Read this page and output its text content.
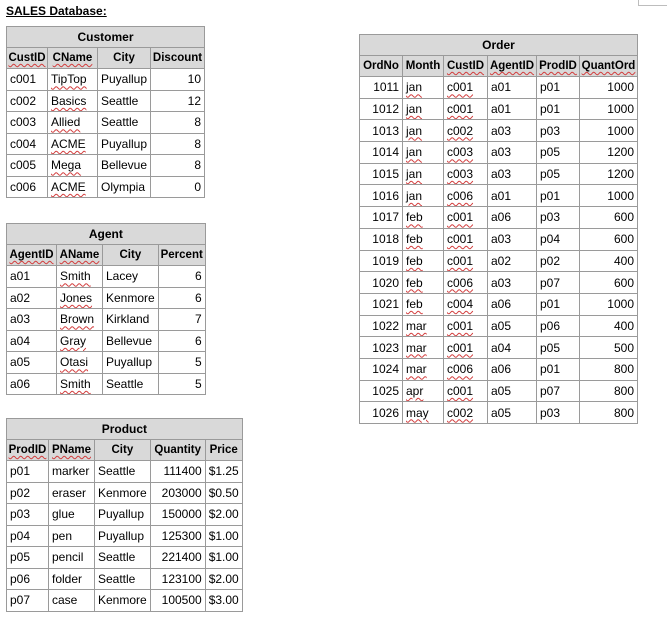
SALES Database:
Customer			
CustID	CName	City	Discount
c001	TipTop	Puyallup	10
c002	Basics	Seattle	12
c003	Allied	Seattle	8
c004	ACME	Puyallup	8
c005	Mega	Bellevue	8
c006	ACME	Olympia	0
Agent			
AgentID	AName	City	Percent
a01	Smith	Lacey	6
a02	Jones	Kenmore	6
a03	Brown	Kirkland	7
a04	Gray	Bellevue	6
a05	Otasi	Puyallup	5
a06	Smith	Seattle	5
Product				
ProdID	PName	City	Quantity	Price
p01	marker	Seattle	111400	$1.25
p02	eraser	Kenmore	203000	$0.50
p03	glue	Puyallup	150000	$2.00
p04	pen	Puyallup	125300	$1.00
p05	pencil	Seattle	221400	$1.00
p06	folder	Seattle	123100	$2.00
p07	case	Kenmore	100500	$3.00
Order					
OrdNo	Month	CustID	AgentID	ProdID	QuantOrd
1011	jan	c001	a01	p01	1000
1012	jan	c001	a01	p01	1000
1013	jan	c002	a03	p03	1000
1014	jan	c003	a03	p05	1200
1015	jan	c003	a03	p05	1200
1016	jan	c006	a01	p01	1000
1017	feb	c001	a06	p03	600
1018	feb	c001	a03	p04	600
1019	feb	c001	a02	p02	400
1020	feb	c006	a03	p07	600
1021	feb	c004	a06	p01	1000
1022	mar	c001	a05	p06	400
1023	mar	c001	a04	p05	500
1024	mar	c006	a06	p01	800
1025	apr	c001	a05	p07	800
1026	may	c002	a05	p03	800
